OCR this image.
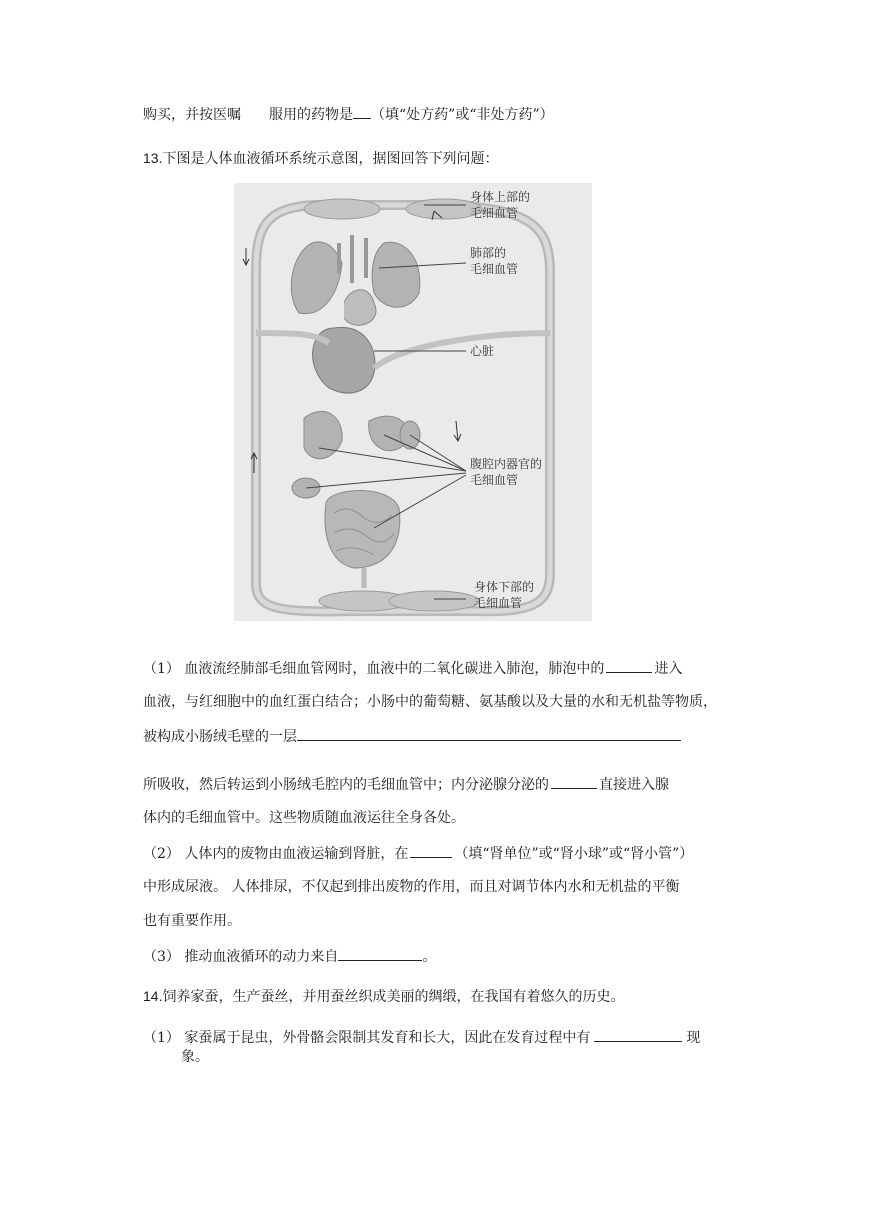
购买，并按医嘱 服用的药物是 （填“处方药”或“非处方药”）
13.下图是人体血液循环系统示意图，据图回答下列问题：
身体上部的
毛细血管
肺部的
毛细血管
心脏
腹腔内器官的
毛细血管
身体下部的
毛细血管
（1） 血液流经肺部毛细血管网时，血液中的二氧化碳进入肺泡，肺泡中的	进入
血液，与红细胞中的血红蛋白结合；小肠中的葡萄糖、氨基酸以及大量的水和无机盐等物质，
被构成小肠绒毛壁的一层
所吸收，然后转运到小肠绒毛腔内的毛细血管中；内分泌腺分泌的	直接进入腺
体内的毛细血管中。这些物质随血液运往全身各处。
（2） 人体内的废物由血液运输到肾脏，在	（填“肾单位”或“肾小球”或“肾小管”）
中形成尿液。 人体排尿，不仅起到排出废物的作用，而且对调节体内水和无机盐的平衡
也有重要作用。
（3） 推动血液循环的动力来自	。
14.饲养家蚕，生产蚕丝，并用蚕丝织成美丽的绸缎，在我国有着悠久的历史。
（1） 家蚕属于昆虫，外骨骼会限制其发育和长大，因此在发育过程中有	现
象。
